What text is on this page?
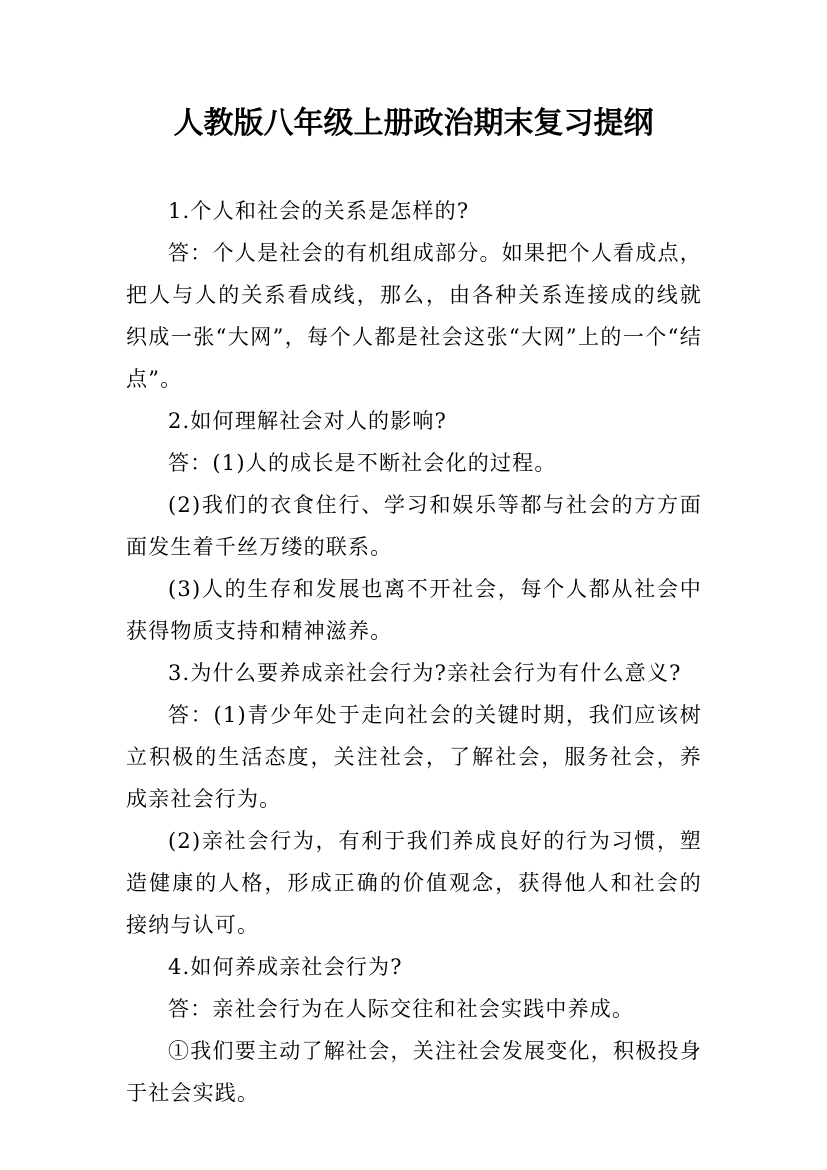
人教版八年级上册政治期末复习提纲

1.个人和社会的关系是怎样的?

答：个人是社会的有机组成部分。如果把个人看成点，把人与人的关系看成线，那么，由各种关系连接成的线就织成一张“大网”，每个人都是社会这张“大网”上的一个“结点”。

2.如何理解社会对人的影响?

答：(1)人的成长是不断社会化的过程。

(2)我们的衣食住行、学习和娱乐等都与社会的方方面面发生着千丝万缕的联系。

(3)人的生存和发展也离不开社会，每个人都从社会中获得物质支持和精神滋养。

3.为什么要养成亲社会行为?亲社会行为有什么意义?

答：(1)青少年处于走向社会的关键时期，我们应该树立积极的生活态度，关注社会，了解社会，服务社会，养成亲社会行为。

(2)亲社会行为，有利于我们养成良好的行为习惯，塑造健康的人格，形成正确的价值观念，获得他人和社会的接纳与认可。

4.如何养成亲社会行为?

答：亲社会行为在人际交往和社会实践中养成。

①我们要主动了解社会，关注社会发展变化，积极投身于社会实践。
